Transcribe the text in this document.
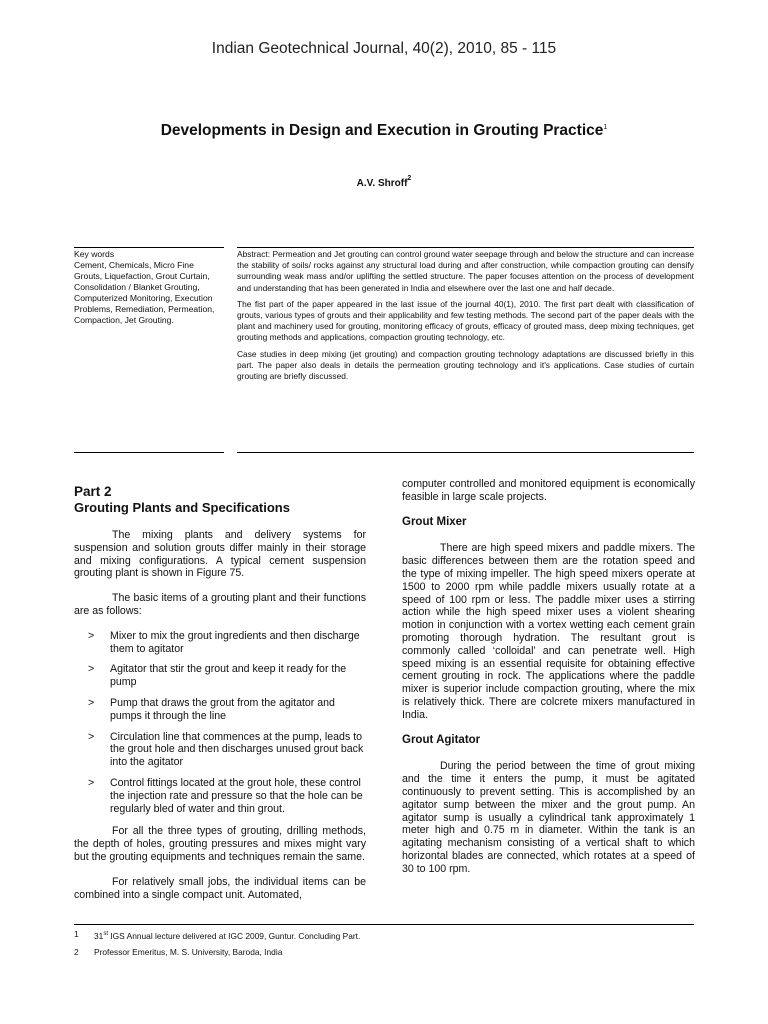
Indian Geotechnical Journal, 40(2), 2010, 85 - 115
Developments in Design and Execution in Grouting Practice$^1$
A.V. Shroff$^2$
Key words
Cement, Chemicals, Micro Fine Grouts, Liquefaction, Grout Curtain, Consolidation / Blanket Grouting, Computerized Monitoring, Execution Problems, Remediation, Permeation, Compaction, Jet Grouting.

Abstract: Permeation and Jet grouting can control ground water seepage through and below the structure and can increase the stability of soils/ rocks against any structural load during and after construction, while compaction grouting can densify surrounding weak mass and/or uplifting the settled structure. The paper focuses attention on the process of development and understanding that has been generated in India and elsewhere over the last one and half decade.

The fist part of the paper appeared in the last issue of the journal 40(1), 2010. The first part dealt with classification of grouts, various types of grouts and their applicability and few testing methods. The second part of the paper deals with the plant and machinery used for grouting, monitoring efficacy of grouts, efficacy of grouted mass, deep mixing techniques, get grouting methods and applications, compaction grouting technology, etc.

Case studies in deep mixing (jet grouting) and compaction grouting technology adaptations are discussed briefly in this part. The paper also deals in details the permeation grouting technology and it's applications. Case studies of curtain grouting are briefly discussed.

Part 2
Grouting Plants and Specifications

The mixing plants and delivery systems for suspension and solution grouts differ mainly in their storage and mixing configurations. A typical cement suspension grouting plant is shown in Figure 75.

The basic items of a grouting plant and their functions are as follows:

> Mixer to mix the grout ingredients and then discharge them to agitator
> Agitator that stir the grout and keep it ready for the pump
> Pump that draws the grout from the agitator and pumps it through the line
> Circulation line that commences at the pump, leads to the grout hole and then discharges unused grout back into the agitator
> Control fittings located at the grout hole, these control the injection rate and pressure so that the hole can be regularly bled of water and thin grout.

For all the three types of grouting, drilling methods, the depth of holes, grouting pressures and mixes might vary but the grouting equipments and techniques remain the same.

For relatively small jobs, the individual items can be combined into a single compact unit. Automated,

computer controlled and monitored equipment is economically feasible in large scale projects.

Grout Mixer

There are high speed mixers and paddle mixers. The basic differences between them are the rotation speed and the type of mixing impeller. The high speed mixers operate at 1500 to 2000 rpm while paddle mixers usually rotate at a speed of 100 rpm or less. The paddle mixer uses a stirring action while the high speed mixer uses a violent shearing motion in conjunction with a vortex wetting each cement grain promoting thorough hydration. The resultant grout is commonly called ‘colloidal’ and can penetrate well. High speed mixing is an essential requisite for obtaining effective cement grouting in rock. The applications where the paddle mixer is superior include compaction grouting, where the mix is relatively thick. There are colcrete mixers manufactured in India.

Grout Agitator

During the period between the time of grout mixing and the time it enters the pump, it must be agitated continuously to prevent setting. This is accomplished by an agitator sump between the mixer and the grout pump. An agitator sump is usually a cylindrical tank approximately 1 meter high and 0.75 m in diameter. Within the tank is an agitating mechanism consisting of a vertical shaft to which horizontal blades are connected, which rotates at a speed of 30 to 100 rpm.

1	31st IGS Annual lecture delivered at IGC 2009, Guntur. Concluding Part.
2	Professor Emeritus, M. S. University, Baroda, India
